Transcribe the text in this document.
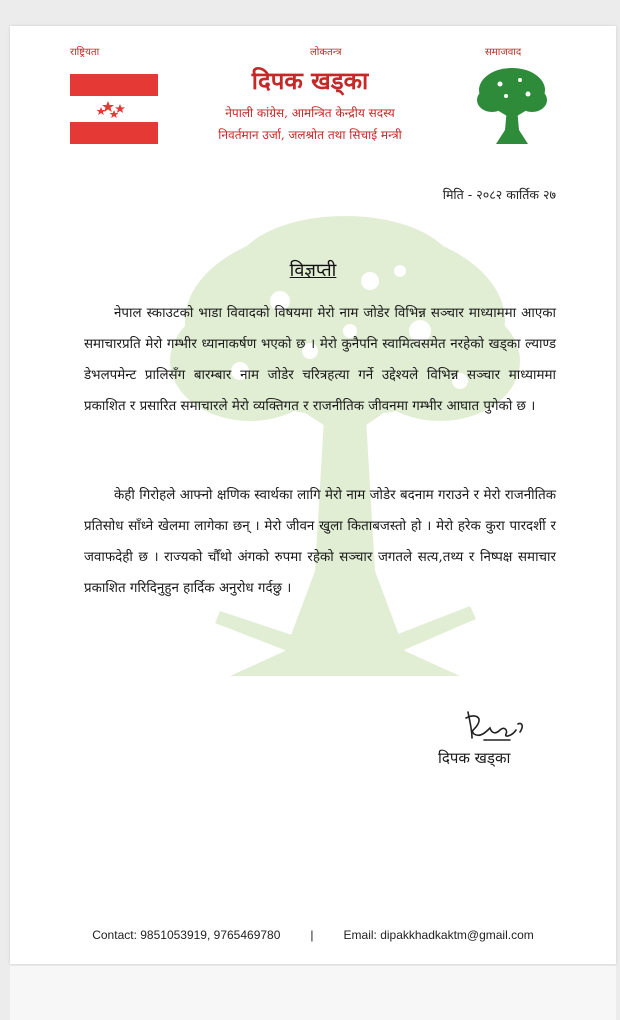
राष्ट्रियता	लोकतन्त्र	समाजवाद
दिपक खड्का
नेपाली कांग्रेस, आमन्त्रित केन्द्रीय सदस्य
निवर्तमान उर्जा, जलश्रोत तथा सिचाई मन्त्री
मिति - २०८२ कार्तिक २७
विज्ञप्ती

नेपाल स्काउटको भाडा विवादको विषयमा मेरो नाम जोडेर विभिन्न सञ्चार माध्याममा आएका समाचारप्रति मेरो गम्भीर ध्यानाकर्षण भएको छ । मेरो कुनैपनि स्वामित्वसमेत नरहेको खड्का ल्याण्ड डेभलपमेन्ट प्रालिसँग बारम्बार नाम जोडेर चरित्रहत्या गर्ने उद्देश्यले विभिन्न सञ्चार माध्याममा प्रकाशित र प्रसारित समाचारले मेरो व्यक्तिगत र राजनीतिक जीवनमा गम्भीर आघात पुगेको छ ।

केही गिरोहले आफ्नो क्षणिक स्वार्थका लागि मेरो नाम जोडेर बदनाम गराउने र मेरो राजनीतिक प्रतिसोध साँध्ने खेलमा लागेका छन् । मेरो जीवन खुला किताबजस्तो हो । मेरो हरेक कुरा पारदर्शी र जवाफदेही छ । राज्यको चौँथो अंगको रुपमा रहेको सञ्चार जगतले सत्य,तथ्य र निष्पक्ष समाचार प्रकाशित गरिदिनुहुन हार्दिक अनुरोध गर्दछु ।

दिपक खड्का
Contact: 9851053919, 9765469780	|	Email: dipakkhadkaktm@gmail.com
